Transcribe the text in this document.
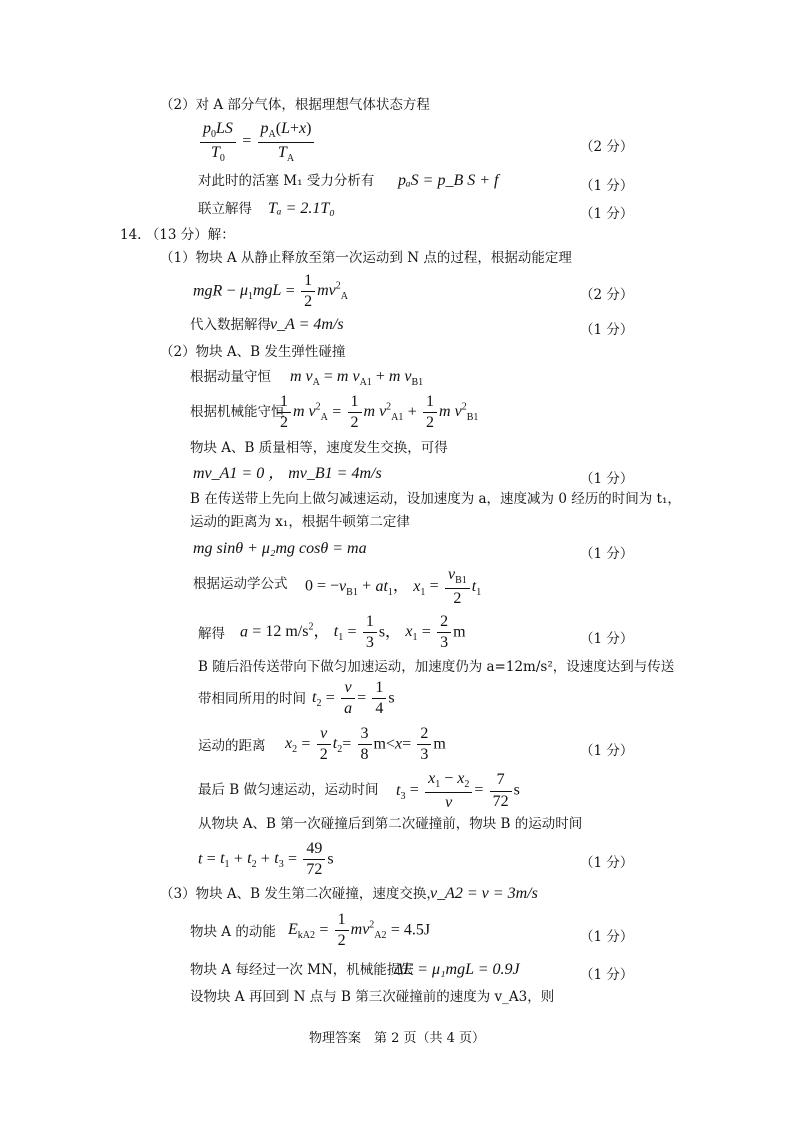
（2）对 A 部分气体，根据理想气体状态方程
$\frac{p_0LS}{T_0} = \frac{p_A(L+x)}{T_A}$	（2 分）
对此时的活塞 M₁ 受力分析有 pₐS = p_B S + f	（1 分）
联立解得 Tₐ = 2.1T₀	（1 分）
14. （13 分）解：
（1）物块 A 从静止释放至第一次运动到 N 点的过程，根据动能定理
mgR − $\mu_1mgL = \frac{1}{2} mv^2_A$	（2 分）
代入数据解得 v_A = 4m/s	（1 分）
（2）物块 A、B 发生弹性碰撞
根据动量守恒 m $v_A = m$ $v_{A1} + m$ $v_{B1}$
根据机械能守恒
$\frac{1}{2}$ m $v^2_A = \frac{1}{2}$ m $v^2_{A1} + \frac{1}{2}$ m $v^2_{B1}$
物块 A、B 质量相等，速度发生交换，可得
mv_A1 = 0 ， mv_B1 = 4m/s	（1 分）
B 在传送带上先向上做匀减速运动，设加速度为 a，速度减为 0 经历的时间为 t₁，
运动的距离为 x₁，根据牛顿第二定律
mg sinθ + μ₂mg cosθ = ma	（1 分）
根据运动学公式 $0 = -v_{B1} + at_1$， $x_1 = \frac{v_{B1}}{2} t_1$
解得 a = 12 $m/s^2$， $t_1 = \frac{1}{3}$ s， $x_1 = \frac{2}{3}$ m	（1 分）
B 随后沿传送带向下做匀加速运动，加速度仍为 a=12m/s²，设速度达到与传送
带相同所用的时间 $t_2 = \frac{v}{a} = \frac{1}{4}$ s
运动的距离 $x_2 = \frac{v}{2} t_2= \frac{3}{8} m<x= \frac{2}{3}$ m	（1 分）
最后 B 做匀速运动，运动时间 $t_3 = \frac{x_1 - x_2}{v} = \frac{7}{72}$ s
从物块 A、B 第一次碰撞后到第二次碰撞前，物块 B 的运动时间
$t = t_1 + t_2 + t_3 = \frac{49}{72}$ s	（1 分）
（3）物块 A、B 发生第二次碰撞，速度交换，
v_A2 = v = 3m/s
物块 A 的动能 $E_{kA2} = \frac{1}{2} mv^2_{A2} = 4.5J$	（1 分）
物块 A 每经过一次 MN，机械能损失
ΔE = μ₁mgL = 0.9J	（1 分）
设物块 A 再回到 N 点与 B 第三次碰撞前的速度为 v_A3，则
物理答案　第 2 页（共 4 页）
